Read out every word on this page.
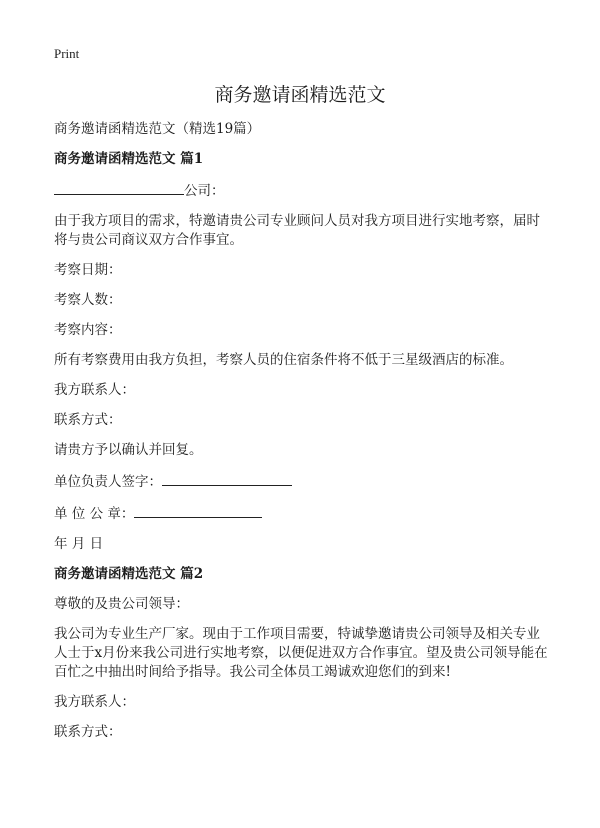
Print
商务邀请函精选范文

商务邀请函精选范文（精选19篇）

商务邀请函精选范文 篇1

公司：

由于我方项目的需求，特邀请贵公司专业顾问人员对我方项目进行实地考察，届时将与贵公司商议双方合作事宜。

考察日期：

考察人数：

考察内容：

所有考察费用由我方负担，考察人员的住宿条件将不低于三星级酒店的标准。

我方联系人：

联系方式：

请贵方予以确认并回复。

单位负责人签字：

单 位 公 章：

年 月 日

商务邀请函精选范文 篇2

尊敬的及贵公司领导：

我公司为专业生产厂家。现由于工作项目需要，特诚挚邀请贵公司领导及相关专业人士于x月份来我公司进行实地考察，以便促进双方合作事宜。望及贵公司领导能在百忙之中抽出时间给予指导。我公司全体员工竭诚欢迎您们的到来!

我方联系人：

联系方式：
